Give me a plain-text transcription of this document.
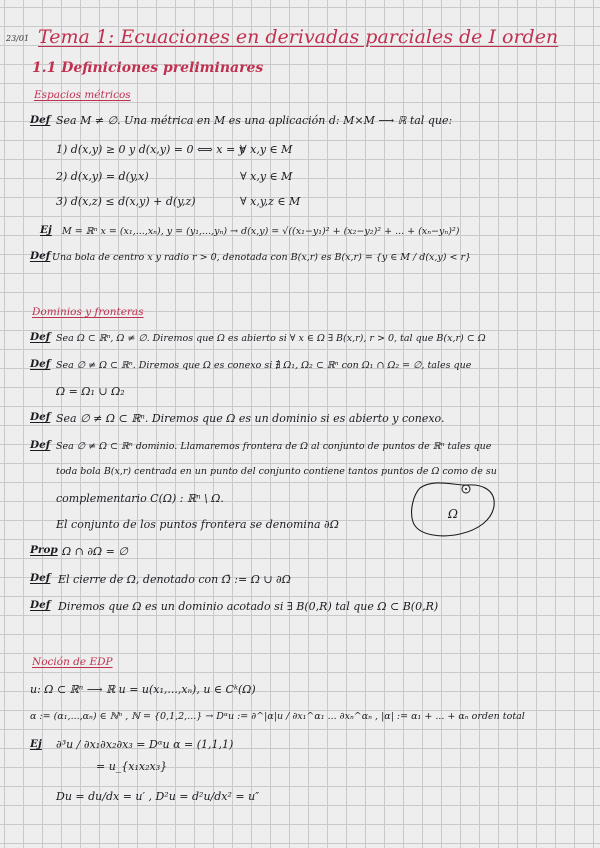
23/01 Tema 1: Ecuaciones en derivadas parciales de I orden
1.1 Definiciones preliminares
Espacios métricos
Def Sea M ≠ ∅. Una métrica en M es una aplicación d: M×M ⟶ ℝ tal que:
1) d(x,y) ≥ 0 y d(x,y) = 0 ⟺ x = y
∀ x,y ∈ M
2) d(x,y) = d(y,x)	∀ x,y ∈ M
3) d(x,z) ≤ d(x,y) + d(y,z)	∀ x,y,z ∈ M
Ej M = ℝⁿ x = (x₁,...,xₙ), y = (y₁,...,yₙ) → d(x,y) = √((x₁−y₁)² + (x₂−y₂)² + ... + (xₙ−yₙ)²)
Def Una bola de centro x y radio r > 0, denotada con B(x,r) es B(x,r) = {y ∈ M / d(x,y) < r}
Dominios y fronteras
Def Sea Ω ⊂ ℝⁿ, Ω ≠ ∅. Diremos que Ω es abierto si ∀ x ∈ Ω ∃ B(x,r), r > 0, tal que B(x,r) ⊂ Ω
Def Sea ∅ ≠ Ω ⊂ ℝⁿ. Diremos que Ω es conexo si ∄ Ω₁, Ω₂ ⊂ ℝⁿ con Ω₁ ∩ Ω₂ = ∅, tales que
Ω = Ω₁ ∪ Ω₂
Def Sea ∅ ≠ Ω ⊂ ℝⁿ. Diremos que Ω es un dominio si es abierto y conexo.
Def Sea ∅ ≠ Ω ⊂ ℝⁿ dominio. Llamaremos frontera de Ω al conjunto de puntos de ℝⁿ tales que
toda bola B(x,r) centrada en un punto del conjunto contiene tantos puntos de Ω como de su
complementario C(Ω) : ℝⁿ \ Ω.
El conjunto de los puntos frontera se denomina ∂Ω
Ω
Prop Ω ∩ ∂Ω = ∅
Def El cierre de Ω, denotado con Ω̄ := Ω ∪ ∂Ω
Def Diremos que Ω es un dominio acotado si ∃ B(0,R) tal que Ω ⊂ B(0,R)
Noción de EDP
u: Ω ⊂ ℝⁿ ⟶ ℝ u = u(x₁,...,xₙ), u ∈ Cᵏ(Ω)
α := (α₁,...,αₙ) ∈ ℕⁿ , ℕ = {0,1,2,...} → Dᵅu := ∂^|α|u / ∂x₁^α₁ ... ∂xₙ^αₙ , |α| := α₁ + ... + αₙ orden total
Ej ∂³u / ∂x₁∂x₂∂x₃ = Dᵅu α = (1,1,1)
= u_{x₁x₂x₃}
Du = du/dx = u′ , D²u = d²u/dx² = u″
